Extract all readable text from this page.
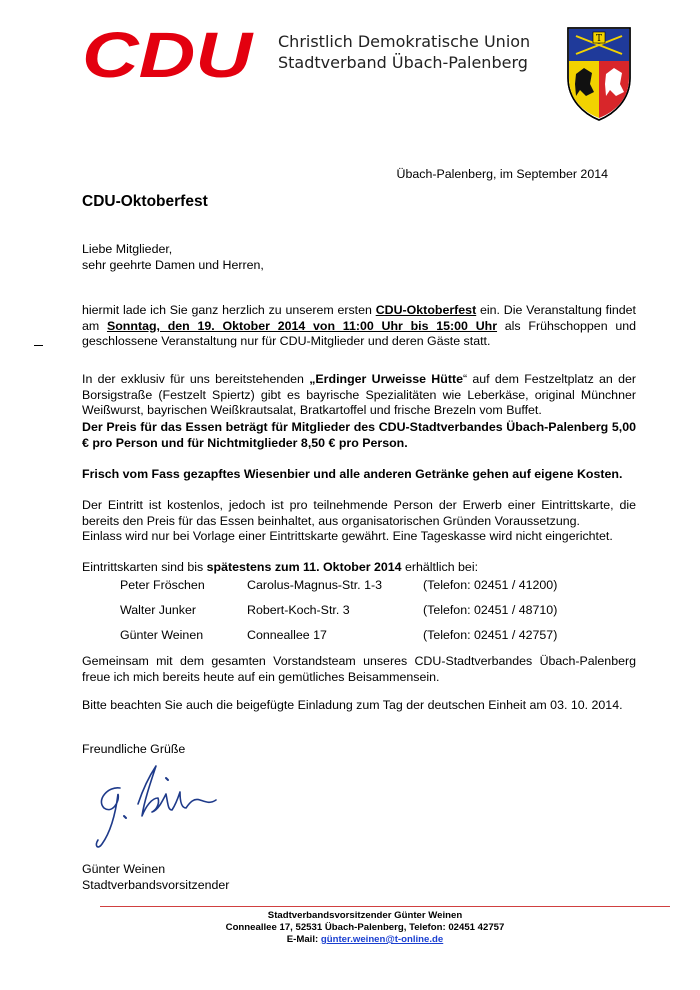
CDU Christlich Demokratische Union
Stadtverband Übach-Palenberg
T
Übach-Palenberg, im September 2014
CDU-Oktoberfest
Liebe Mitglieder,
sehr geehrte Damen und Herren,
hiermit lade ich Sie ganz herzlich zu unserem ersten CDU-Oktoberfest ein. Die Veranstaltung findet am Sonntag, den 19. Oktober 2014 von 11:00 Uhr bis 15:00 Uhr als Frühschoppen und geschlossene Veranstaltung nur für CDU-Mitglieder und deren Gäste statt.
In der exklusiv für uns bereitstehenden „Erdinger Urweisse Hütte“ auf dem Festzeltplatz an der Borsigstraße (Festzelt Spiertz) gibt es bayrische Spezialitäten wie Leberkäse, original Münchner Weißwurst, bayrischen Weißkrautsalat, Bratkartoffel und frische Brezeln vom Buffet.
Der Preis für das Essen beträgt für Mitglieder des CDU-Stadtverbandes Übach-Palenberg 5,00 € pro Person und für Nichtmitglieder 8,50 € pro Person.
Frisch vom Fass gezapftes Wiesenbier und alle anderen Getränke gehen auf eigene Kosten.
Der Eintritt ist kostenlos, jedoch ist pro teilnehmende Person der Erwerb einer Eintrittskarte, die bereits den Preis für das Essen beinhaltet, aus organisatorischen Gründen Voraussetzung.
Einlass wird nur bei Vorlage einer Eintrittskarte gewährt. Eine Tageskasse wird nicht eingerichtet.
Eintrittskarten sind bis spätestens zum 11. Oktober 2014 erhältlich bei:
Peter Fröschen	Carolus-Magnus-Str. 1-3	(Telefon: 02451 / 41200)
Walter Junker	Robert-Koch-Str. 3	(Telefon: 02451 / 48710)
Günter Weinen	Conneallee 17	(Telefon: 02451 / 42757)
Gemeinsam mit dem gesamten Vorstandsteam unseres CDU-Stadtverbandes Übach-Palenberg freue ich mich bereits heute auf ein gemütliches Beisammensein.
Bitte beachten Sie auch die beigefügte Einladung zum Tag der deutschen Einheit am 03. 10. 2014.
Freundliche Grüße
Günter Weinen
Stadtverbandsvorsitzender
Stadtverbandsvorsitzender Günter Weinen
Conneallee 17, 52531 Übach-Palenberg, Telefon: 02451 42757
E-Mail: günter.weinen@t-online.de
